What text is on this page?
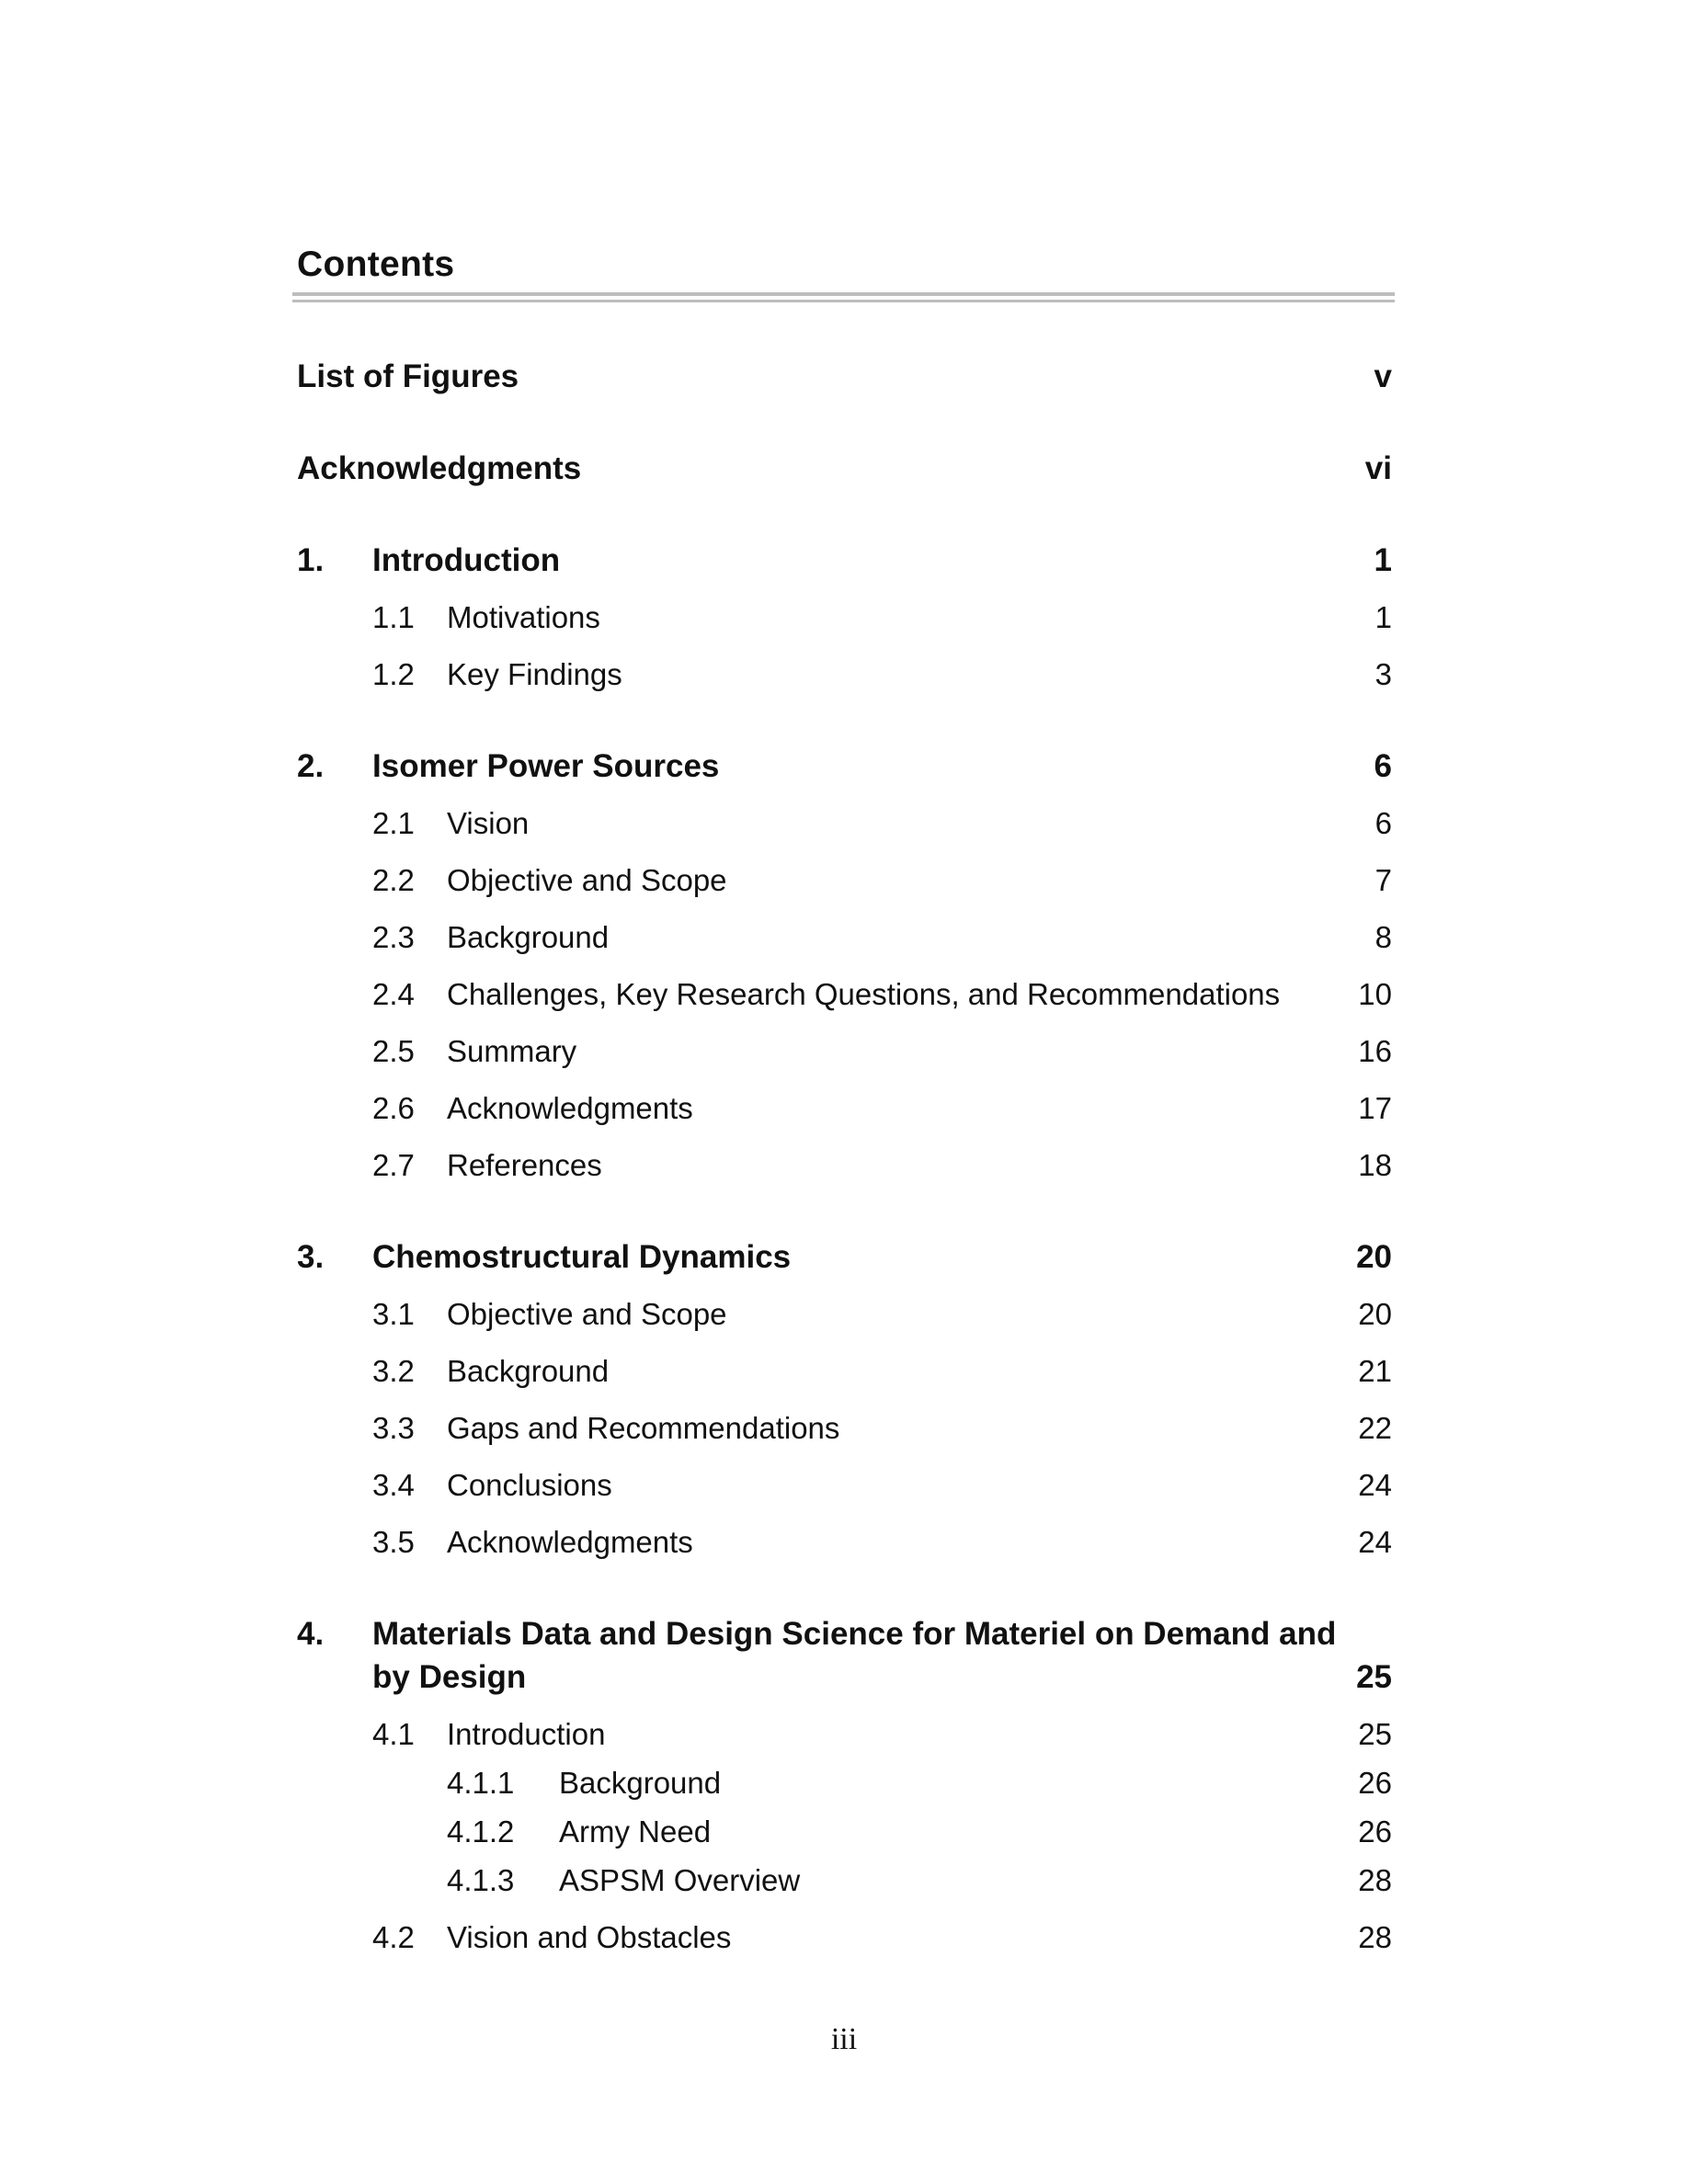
Contents
List of Figures	v
Acknowledgments	vi
1. Introduction	1
1.1 Motivations	1
1.2 Key Findings	3
2. Isomer Power Sources	6
2.1 Vision	6
2.2 Objective and Scope	7
2.3 Background	8
2.4 Challenges, Key Research Questions, and Recommendations	10
2.5 Summary	16
2.6 Acknowledgments	17
2.7 References	18
3. Chemostructural Dynamics	20
3.1 Objective and Scope	20
3.2 Background	21
3.3 Gaps and Recommendations	22
3.4 Conclusions	24
3.5 Acknowledgments	24
4. Materials Data and Design Science for Materiel on Demand and by Design	25
4.1 Introduction	25
4.1.1 Background	26
4.1.2 Army Need	26
4.1.3 ASPSM Overview	28
4.2 Vision and Obstacles	28
iii
